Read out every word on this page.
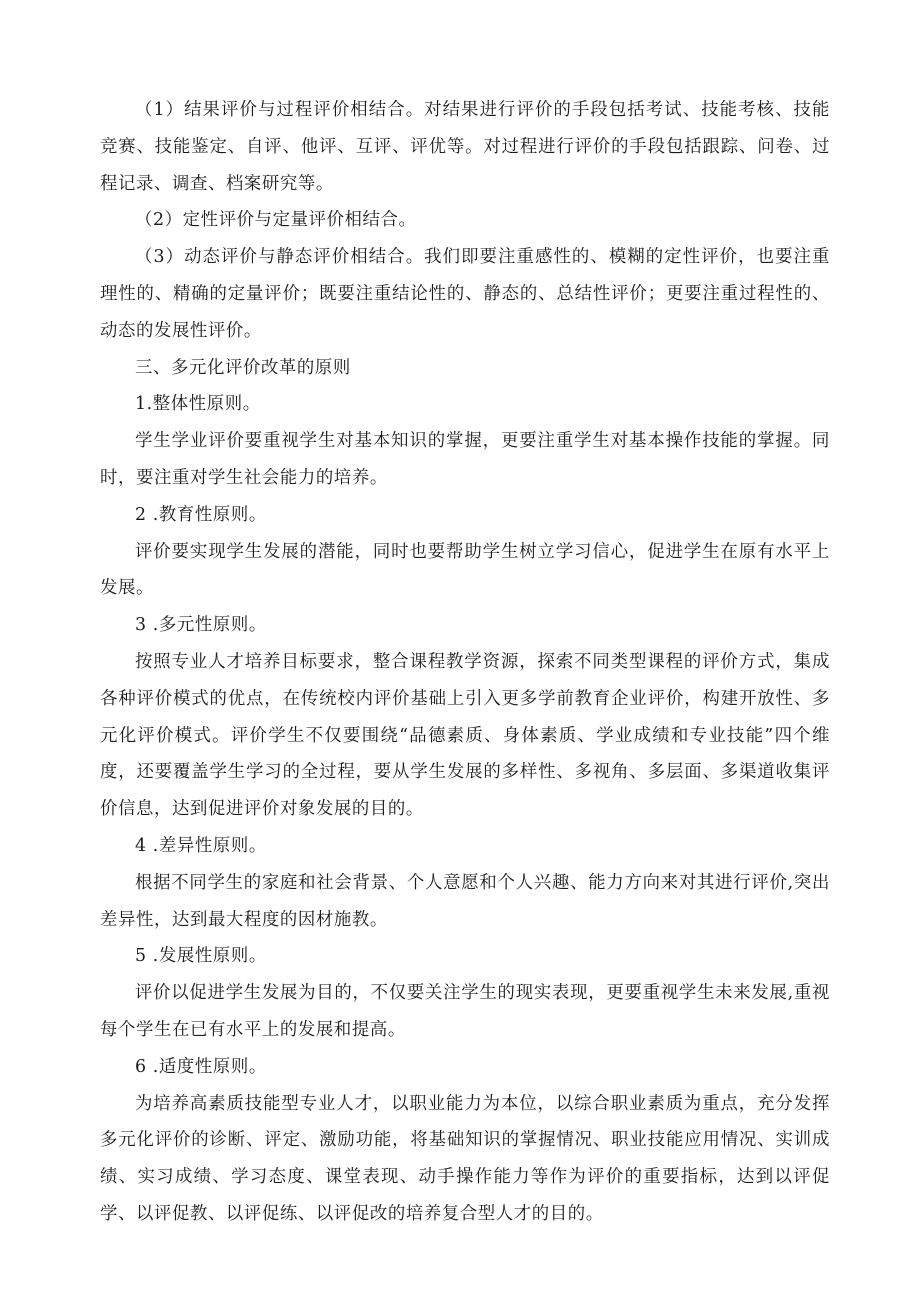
（1）结果评价与过程评价相结合。对结果进行评价的手段包括考试、技能考核、技能竞赛、技能鉴定、自评、他评、互评、评优等。对过程进行评价的手段包括跟踪、问卷、过程记录、调查、档案研究等。

（2）定性评价与定量评价相结合。

（3）动态评价与静态评价相结合。我们即要注重感性的、模糊的定性评价，也要注重理性的、精确的定量评价；既要注重结论性的、静态的、总结性评价；更要注重过程性的、动态的发展性评价。

三、多元化评价改革的原则

1.整体性原则。

学生学业评价要重视学生对基本知识的掌握，更要注重学生对基本操作技能的掌握。同时，要注重对学生社会能力的培养。

2 .教育性原则。

评价要实现学生发展的潜能，同时也要帮助学生树立学习信心，促进学生在原有水平上发展。

3 .多元性原则。

按照专业人才培养目标要求，整合课程教学资源，探索不同类型课程的评价方式，集成各种评价模式的优点，在传统校内评价基础上引入更多学前教育企业评价，构建开放性、多元化评价模式。评价学生不仅要围绕“品德素质、身体素质、学业成绩和专业技能”四个维度，还要覆盖学生学习的全过程，要从学生发展的多样性、多视角、多层面、多渠道收集评价信息，达到促进评价对象发展的目的。

4 .差异性原则。

根据不同学生的家庭和社会背景、个人意愿和个人兴趣、能力方向来对其进行评价,突出差异性，达到最大程度的因材施教。

5 .发展性原则。

评价以促进学生发展为目的，不仅要关注学生的现实表现，更要重视学生未来发展,重视每个学生在已有水平上的发展和提高。

6 .适度性原则。

为培养高素质技能型专业人才，以职业能力为本位，以综合职业素质为重点，充分发挥多元化评价的诊断、评定、激励功能，将基础知识的掌握情况、职业技能应用情况、实训成绩、实习成绩、学习态度、课堂表现、动手操作能力等作为评价的重要指标，达到以评促学、以评促教、以评促练、以评促改的培养复合型人才的目的。
